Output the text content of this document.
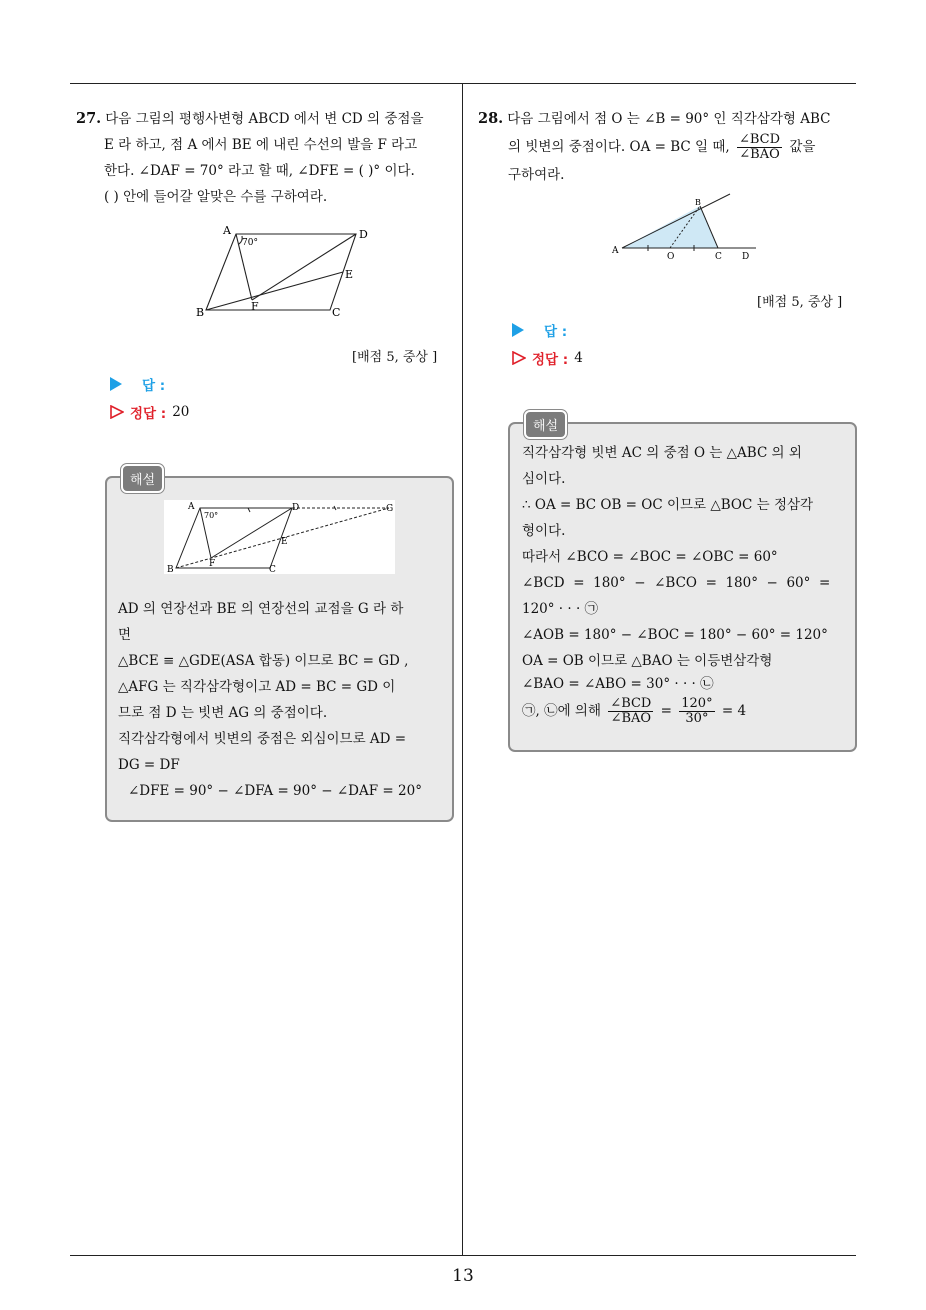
27. 다음 그림의 평행사변형 ABCD 에서 변 CD 의 중점을
E 라 하고, 점 A 에서 BE 에 내린 수선의 발을 F 라고
한다. ∠DAF = 70° 라고 할 때, ∠DFE = ( )° 이다.
( ) 안에 들어갈 알맞은 수를 구하여라.
A	D
E
C
B	F
70°
[배점 5, 중상 ]
답 :
정답 : 20
해설
A	D	G
E
C
B
F
70°
AD 의 연장선과 BE 의 연장선의 교점을 G 라 하
면
△BCE ≡ △GDE(ASA 합동) 이므로 BC = GD ,
△AFG 는 직각삼각형이고 AD = BC = GD 이
므로 점 D 는 빗변 AG 의 중점이다.
직각삼각형에서 빗변의 중점은 외심이므로 AD =
DG = DF
∠DFE = 90° − ∠DFA = 90° − ∠DAF = 20°
28. 다음 그림에서 점 O 는 ∠B = 90° 인 직각삼각형 ABC
의 빗변의 중점이다. OA = BC 일 때, $\frac{\text{∠BCD}}{\text{∠BAO}}$ 값을
구하여라.
A
B
O	C D
[배점 5, 중상 ]
답 :
정답 : 4
해설
직각삼각형 빗변 AC 의 중점 O 는 △ABC 의 외
심이다.
∴ OA = BC OB = OC 이므로 △BOC 는 정삼각
형이다.
따라서 ∠BCO = ∠BOC = ∠OBC = 60°
∠BCD  =  180°  −  ∠BCO  =  180°  −  60°  =
120° · · · ㉠
∠AOB = 180° − ∠BOC = 180° − 60° = 120°
OA = OB 이므로 △BAO 는 이등변삼각형
∠BAO = ∠ABO = 30° · · · ㉡
㉠, ㉡에 의해 $\frac{\text{∠BCD}}{\text{∠BAO}} = \frac{120^\circ}{30^\circ} = 4$
13
